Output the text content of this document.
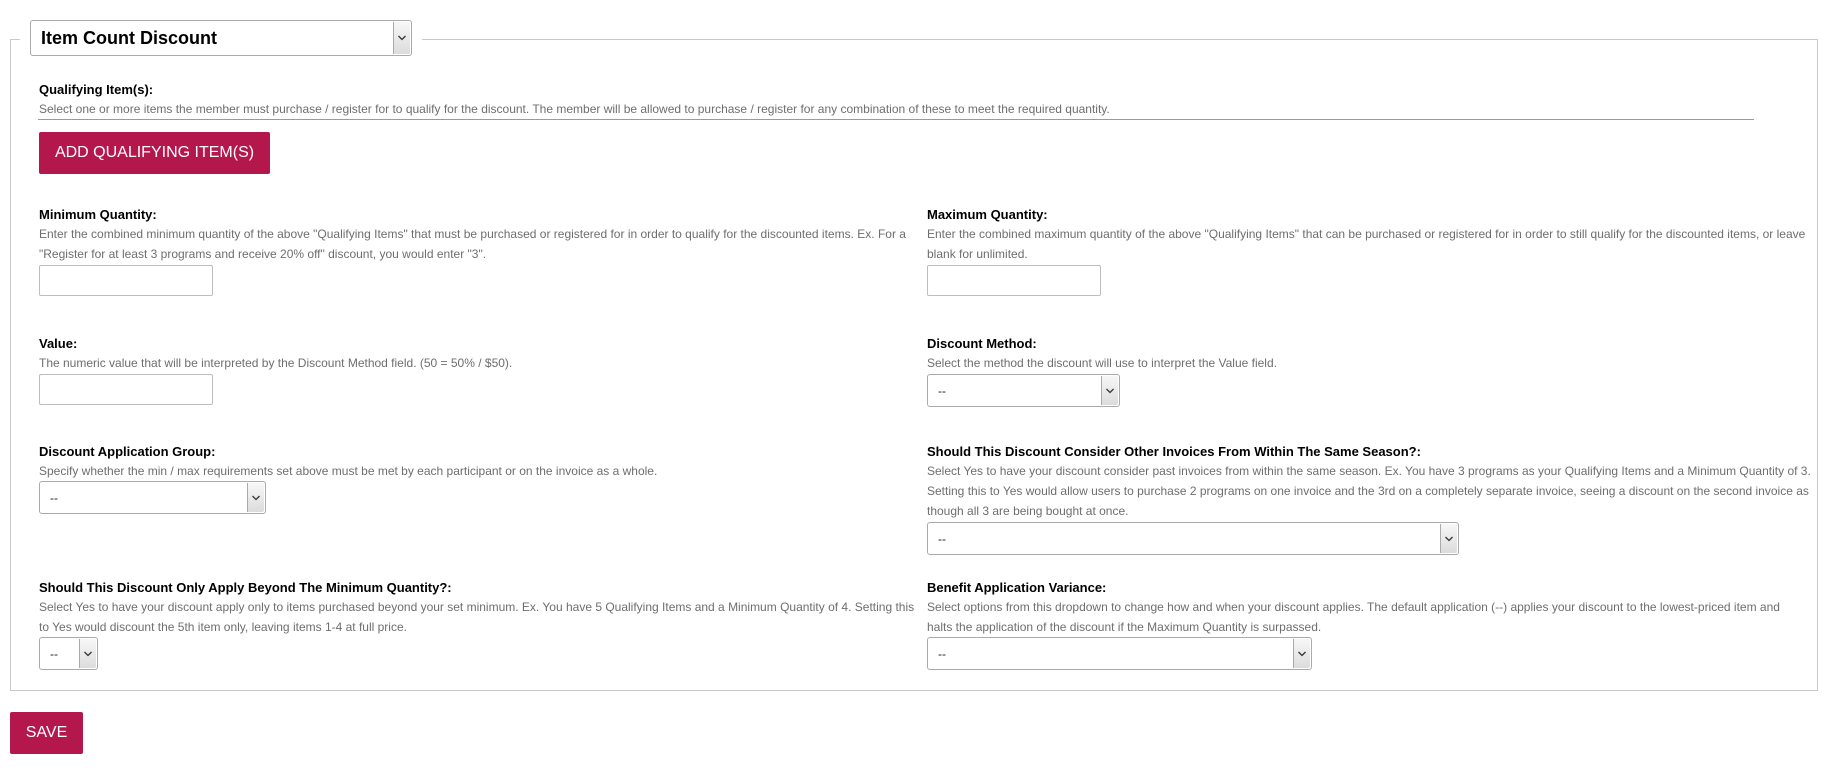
Item Count Discount
Qualifying Item(s):
Select one or more items the member must purchase / register for to qualify for the discount. The member will be allowed to purchase / register for any combination of these to meet the required quantity.
ADD QUALIFYING ITEM(S)
Minimum Quantity:
Enter the combined minimum quantity of the above "Qualifying Items" that must be purchased or registered for in order to qualify for the discounted items. Ex. For a
"Register for at least 3 programs and receive 20% off" discount, you would enter "3".
Maximum Quantity:
Enter the combined maximum quantity of the above "Qualifying Items" that can be purchased or registered for in order to still qualify for the discounted items, or leave
blank for unlimited.
Value:
The numeric value that will be interpreted by the Discount Method field. (50 = 50% / $50).
Discount Method:
Select the method the discount will use to interpret the Value field.
--
Discount Application Group:
Specify whether the min / max requirements set above must be met by each participant or on the invoice as a whole.
--
Should This Discount Consider Other Invoices From Within The Same Season?:
Select Yes to have your discount consider past invoices from within the same season. Ex. You have 3 programs as your Qualifying Items and a Minimum Quantity of 3.
Setting this to Yes would allow users to purchase 2 programs on one invoice and the 3rd on a completely separate invoice, seeing a discount on the second invoice as
though all 3 are being bought at once.
--
Should This Discount Only Apply Beyond The Minimum Quantity?:
Select Yes to have your discount apply only to items purchased beyond your set minimum. Ex. You have 5 Qualifying Items and a Minimum Quantity of 4. Setting this
to Yes would discount the 5th item only, leaving items 1-4 at full price.
--
Benefit Application Variance:
Select options from this dropdown to change how and when your discount applies. The default application (--) applies your discount to the lowest-priced item and
halts the application of the discount if the Maximum Quantity is surpassed.
--
SAVE
